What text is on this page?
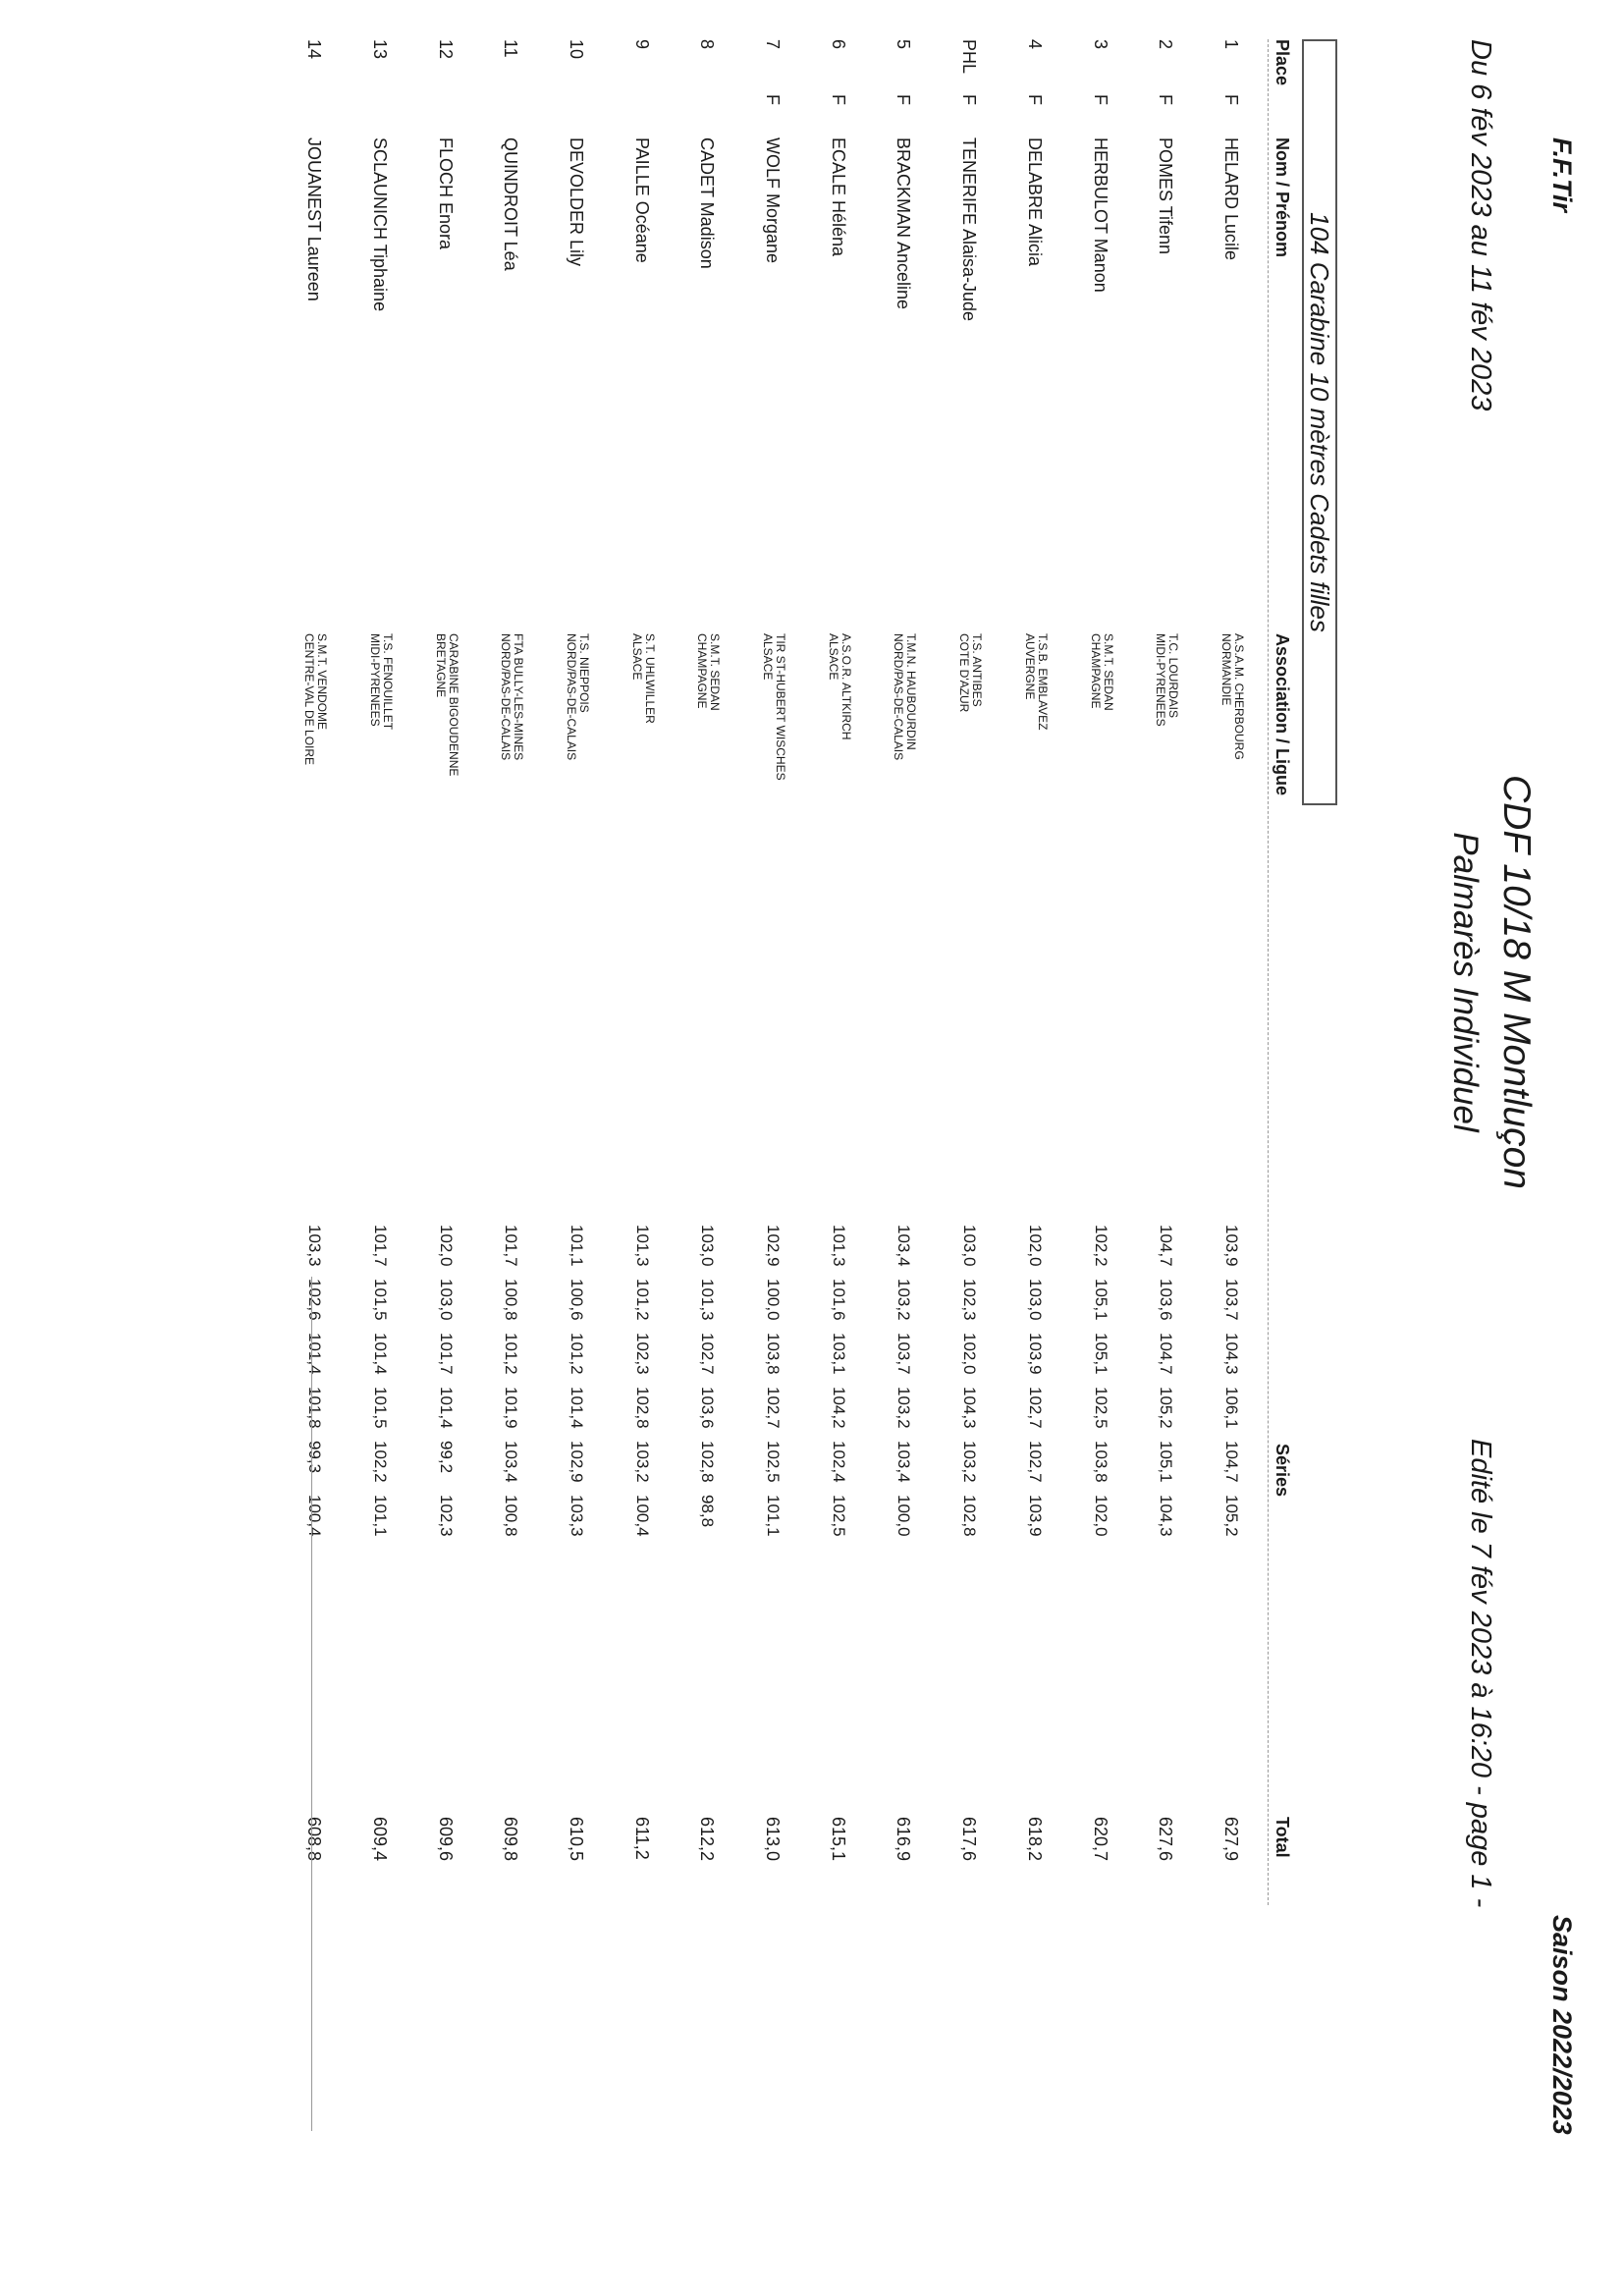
F.F.Tir
Saison 2022/2023
CDF 10/18 M Montluçon
Du 6 fév 2023 au 11 fév 2023
Palmarès Individuel
Edité le 7 fév 2023 à 16:20 - page 1 -
104 Carabine 10 mètres Cadets filles
Place
Nom / Prénom
Association / Ligue
Séries
Total
1
F
HELARD Lucile
A.S.A.M. CHERBOURG
NORMANDIE
103,9
103,7
104,3
106,1
104,7
105,2
627,9
2
F
POMES Tifenn
T.C. LOURDAIS
MIDI-PYRENEES
104,7
103,6
104,7
105,2
105,1
104,3
627,6
3
F
HERBULOT Manon
S.M.T. SEDAN
CHAMPAGNE
102,2
105,1
105,1
102,5
103,8
102,0
620,7
4
F
DELABRE Alicia
T.S.B. EMBLAVEZ
AUVERGNE
102,0
103,0
103,9
102,7
102,7
103,9
618,2
PHL
F
TENERIFE Alaisa-Jude
T.S. ANTIBES
COTE D'AZUR
103,0
102,3
102,0
104,3
103,2
102,8
617,6
5
F
BRACKMAN Anceline
T.M.N. HAUBOURDIN
NORD/PAS-DE-CALAIS
103,4
103,2
103,7
103,2
103,4
100,0
616,9
6
F
ECALE Héléna
A.S.O.R. ALTKIRCH
ALSACE
101,3
101,6
103,1
104,2
102,4
102,5
615,1
7
F
WOLF Morgane
TIR ST-HUBERT WISCHES
ALSACE
102,9
100,0
103,8
102,7
102,5
101,1
613,0
8
CADET Madison
S.M.T. SEDAN
CHAMPAGNE
103,0
101,3
102,7
103,6
102,8
98,8
612,2
9
PAILLE Océane
S.T. UHLWILLER
ALSACE
101,3
101,2
102,3
102,8
103,2
100,4
611,2
10
DEVOLDER Lily
T.S. NIEPPOIS
NORD/PAS-DE-CALAIS
101,1
100,6
101,2
101,4
102,9
103,3
610,5
11
QUINDROIT Léa
FTA BULLY-LES-MINES
NORD/PAS-DE-CALAIS
101,7
100,8
101,2
101,9
103,4
100,8
609,8
12
FLOCH Enora
CARABINE BIGOUDENNE
BRETAGNE
102,0
103,0
101,7
101,4
99,2
102,3
609,6
13
SCLAUNICH Tiphaine
T.S. FENOUILLET
MIDI-PYRENEES
101,7
101,5
101,4
101,5
102,2
101,1
609,4
14
JOUANEST Laureen
S.M.T. VENDOME
CENTRE-VAL DE LOIRE
103,3
102,6
101,4
101,8
99,3
100,4
608,8
